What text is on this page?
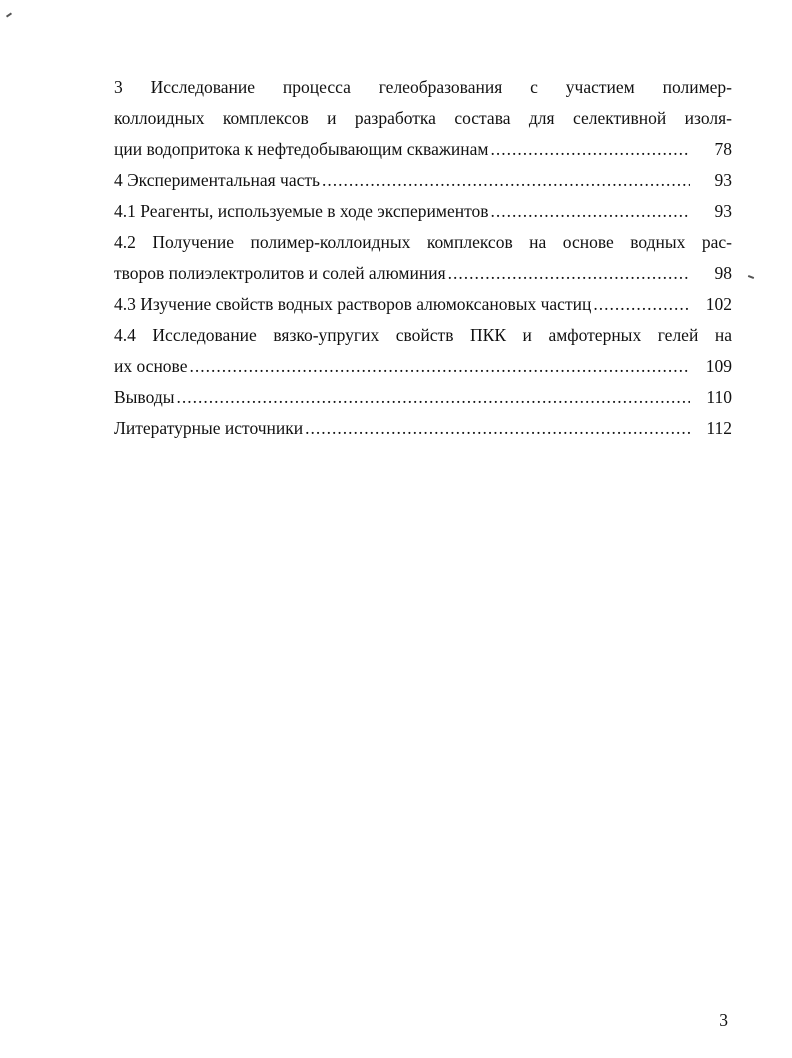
3 Исследование процесса гелеобразования с участием полимер-
коллоидных комплексов и разработка состава для селективной изоля-
ции водопритока к нефтедобывающим скважинам .....	78
4 Экспериментальная часть .....	93
4.1 Реагенты, используемые в ходе экспериментов .....	93
4.2 Получение полимер-коллоидных комплексов на основе водных рас-
творов полиэлектролитов и солей алюминия .....	98
4.3 Изучение свойств водных растворов алюмоксановых частиц .....	102
4.4 Исследование вязко-упругих свойств ПКК и амфотерных гелей на
их основе .....	109
Выводы .....	110
Литературные источники .....	112
3
